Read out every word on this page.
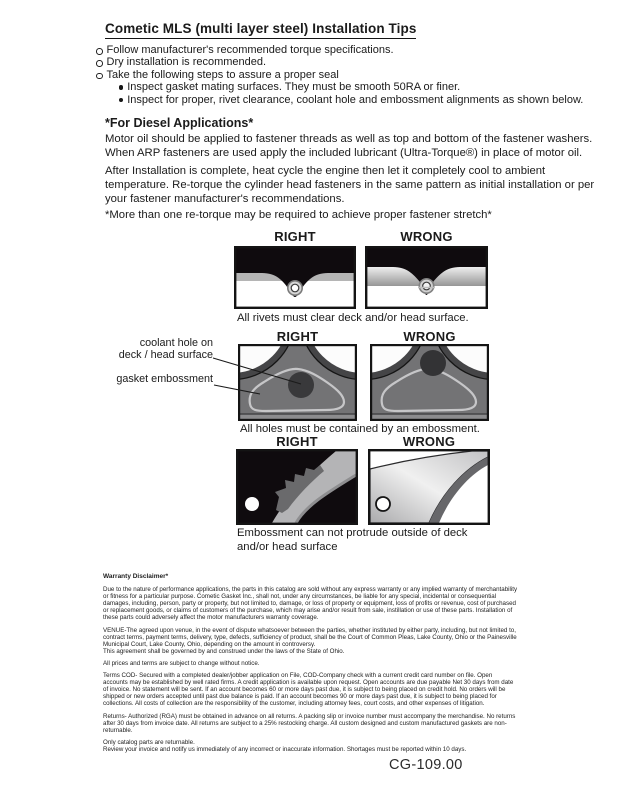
Cometic MLS (multi layer steel) Installation Tips
Follow manufacturer's recommended torque specifications.
Dry installation is recommended.
Take the following steps to assure a proper seal
Inspect gasket mating surfaces. They must be smooth 50RA or finer.
Inspect for proper, rivet clearance, coolant hole and embossment alignments as shown below.
*For Diesel Applications*
Motor oil should be applied to fastener threads as well as top and bottom of the fastener washers. When ARP fasteners are used apply the included lubricant (Ultra-Torque®) in place of motor oil.
After Installation is complete, heat cycle the engine then let it completely cool to ambient temperature. Re-torque the cylinder head fasteners in the same pattern as initial installation or per your fastener manufacturer's recommendations.
*More than one re-torque may be required to achieve proper fastener stretch*
RIGHT	WRONG
All rivets must clear deck and/or head surface.
RIGHT	WRONG
coolant hole on
deck / head surface
gasket embossment
All holes must be contained by an embossment.
RIGHT	WRONG
Embossment can not protrude outside of deck
and/or head surface
Warranty Disclaimer*
Due to the nature of performance applications, the parts in this catalog are sold without any express warranty or any implied warranty of merchantability or fitness for a particular purpose. Cometic Gasket Inc., shall not, under any circumstances, be liable for any special, incidental or consequential damages, including, person, party or property, but not limited to, damage, or loss of property or equipment, loss of profits or revenue, cost of purchased or replacement goods, or claims of customers of the purchase, which may arise and/or result from sale, instillation or use of these parts. Installation of these parts could adversely affect the motor manufacturers warranty coverage.
VENUE-The agreed upon venue, in the event of dispute whatsoever between the parties, whether instituted by either party, including, but not limited to, contract terms, payment terms, delivery, type, defects, sufficiency of product, shall be the Court of Common Pleas, Lake County, Ohio or the Painesville Municipal Court, Lake County, Ohio, depending on the amount in controversy.
This agreement shall be governed by and construed under the laws of the State of Ohio.
All prices and terms are subject to change without notice.
Terms COD- Secured with a completed dealer/jobber application on File, COD-Company check with a current credit card number on file. Open accounts may be established by well rated firms. A credit application is available upon request. Open accounts are due payable Net 30 days from date of invoice. No statement will be sent. If an account becomes 60 or more days past due, it is subject to being placed on credit hold. No orders will be shipped or new orders accepted until past due balance is paid. If an account becomes 90 or more days past due, it is subject to being placed for collections. All costs of collection are the responsibility of the customer, including attorney fees, court costs, and other expenses of litigation.
Returns- Authorized (RGA) must be obtained in advance on all returns. A packing slip or invoice number must accompany the merchandise. No returns after 30 days from invoice date. All returns are subject to a 25% restocking charge. All custom designed and custom manufactured gaskets are non-returnable.
Only catalog parts are returnable.
Review your invoice and notify us immediately of any incorrect or inaccurate information. Shortages must be reported within 10 days.
CG-109.00
